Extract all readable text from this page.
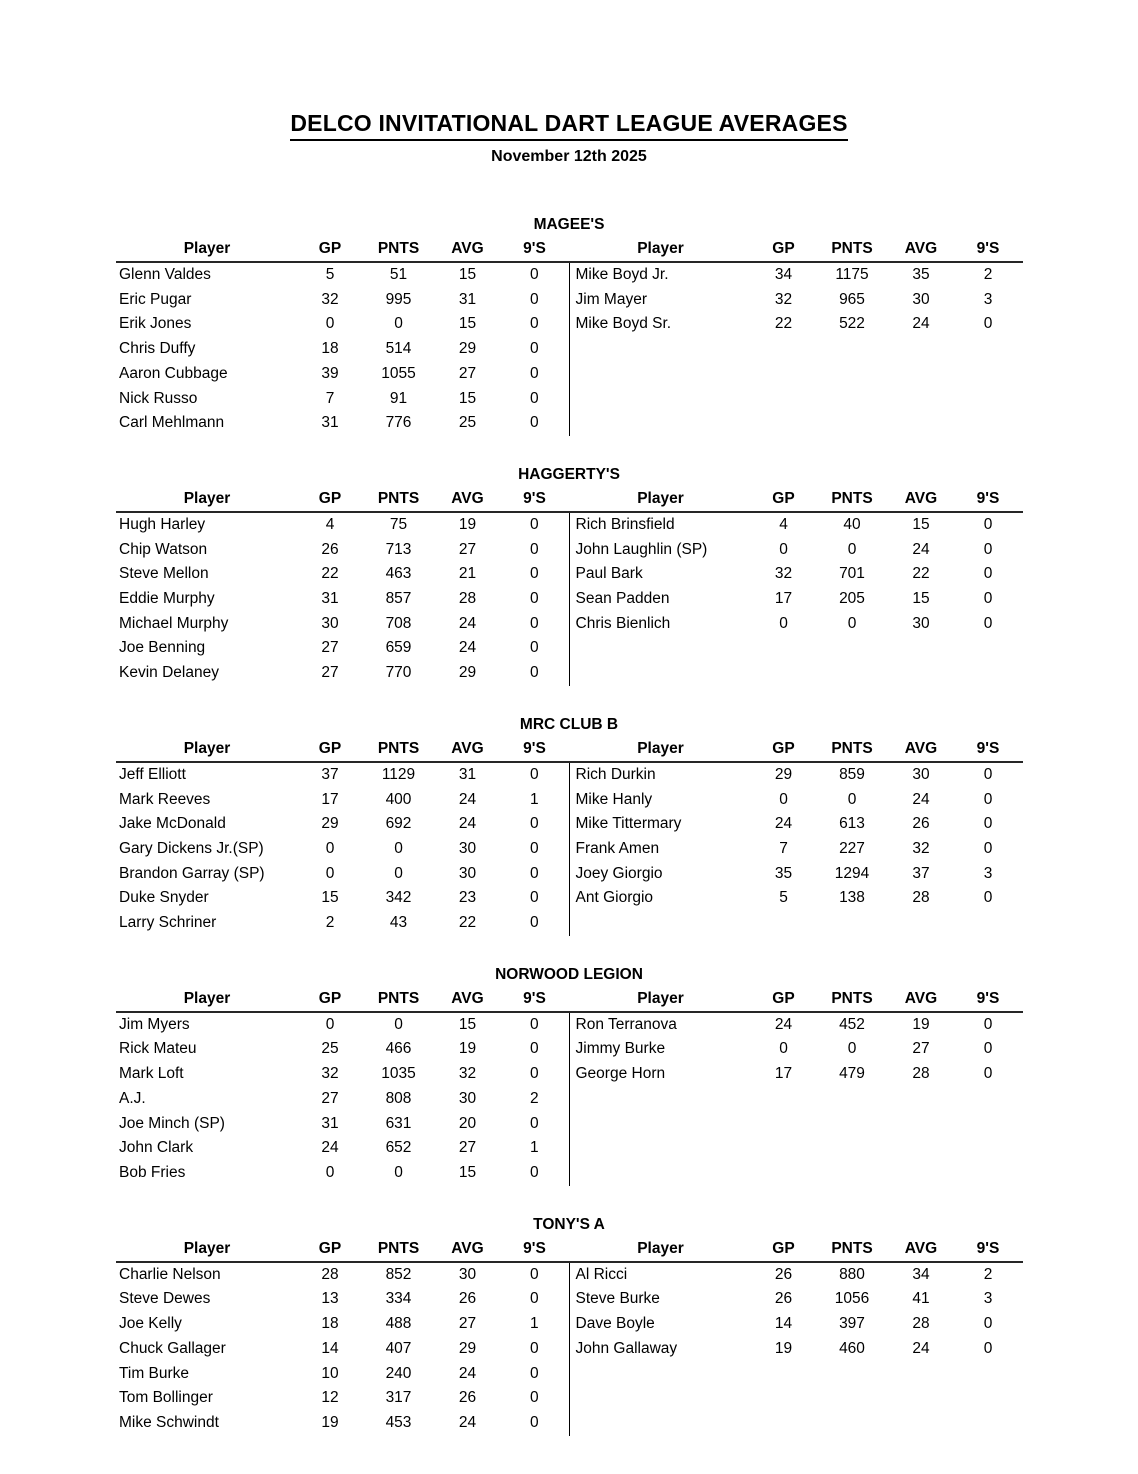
DELCO INVITATIONAL DART LEAGUE AVERAGES
November 12th 2025
MAGEE'S
Player	GP	PNTS	AVG	9'S
Glenn Valdes	5	51	15	0
Eric Pugar	32	995	31	0
Erik Jones	0	0	15	0
Chris Duffy	18	514	29	0
Aaron Cubbage	39	1055	27	0
Nick Russo	7	91	15	0
Carl Mehlmann	31	776	25	0
Player	GP	PNTS	AVG	9'S
Mike Boyd Jr.	34	1175	35	2
Jim Mayer	32	965	30	3
Mike Boyd Sr.	22	522	24	0
HAGGERTY'S
Player	GP	PNTS	AVG	9'S
Hugh Harley	4	75	19	0
Chip Watson	26	713	27	0
Steve Mellon	22	463	21	0
Eddie Murphy	31	857	28	0
Michael Murphy	30	708	24	0
Joe Benning	27	659	24	0
Kevin Delaney	27	770	29	0
Player	GP	PNTS	AVG	9'S
Rich Brinsfield	4	40	15	0
John Laughlin (SP)	0	0	24	0
Paul Bark	32	701	22	0
Sean Padden	17	205	15	0
Chris Bienlich	0	0	30	0
MRC CLUB B
Player	GP	PNTS	AVG	9'S
Jeff Elliott	37	1129	31	0
Mark Reeves	17	400	24	1
Jake McDonald	29	692	24	0
Gary Dickens Jr.(SP)	0	0	30	0
Brandon Garray (SP)	0	0	30	0
Duke Snyder	15	342	23	0
Larry Schriner	2	43	22	0
Player	GP	PNTS	AVG	9'S
Rich Durkin	29	859	30	0
Mike Hanly	0	0	24	0
Mike Tittermary	24	613	26	0
Frank Amen	7	227	32	0
Joey Giorgio	35	1294	37	3
Ant Giorgio	5	138	28	0
NORWOOD LEGION
Player	GP	PNTS	AVG	9'S
Jim Myers	0	0	15	0
Rick Mateu	25	466	19	0
Mark Loft	32	1035	32	0
A.J.	27	808	30	2
Joe Minch (SP)	31	631	20	0
John Clark	24	652	27	1
Bob Fries	0	0	15	0
Player	GP	PNTS	AVG	9'S
Ron Terranova	24	452	19	0
Jimmy Burke	0	0	27	0
George Horn	17	479	28	0
TONY'S A
Player	GP	PNTS	AVG	9'S
Charlie Nelson	28	852	30	0
Steve Dewes	13	334	26	0
Joe Kelly	18	488	27	1
Chuck Gallager	14	407	29	0
Tim Burke	10	240	24	0
Tom Bollinger	12	317	26	0
Mike Schwindt	19	453	24	0
Player	GP	PNTS	AVG	9'S
Al Ricci	26	880	34	2
Steve Burke	26	1056	41	3
Dave Boyle	14	397	28	0
John Gallaway	19	460	24	0
